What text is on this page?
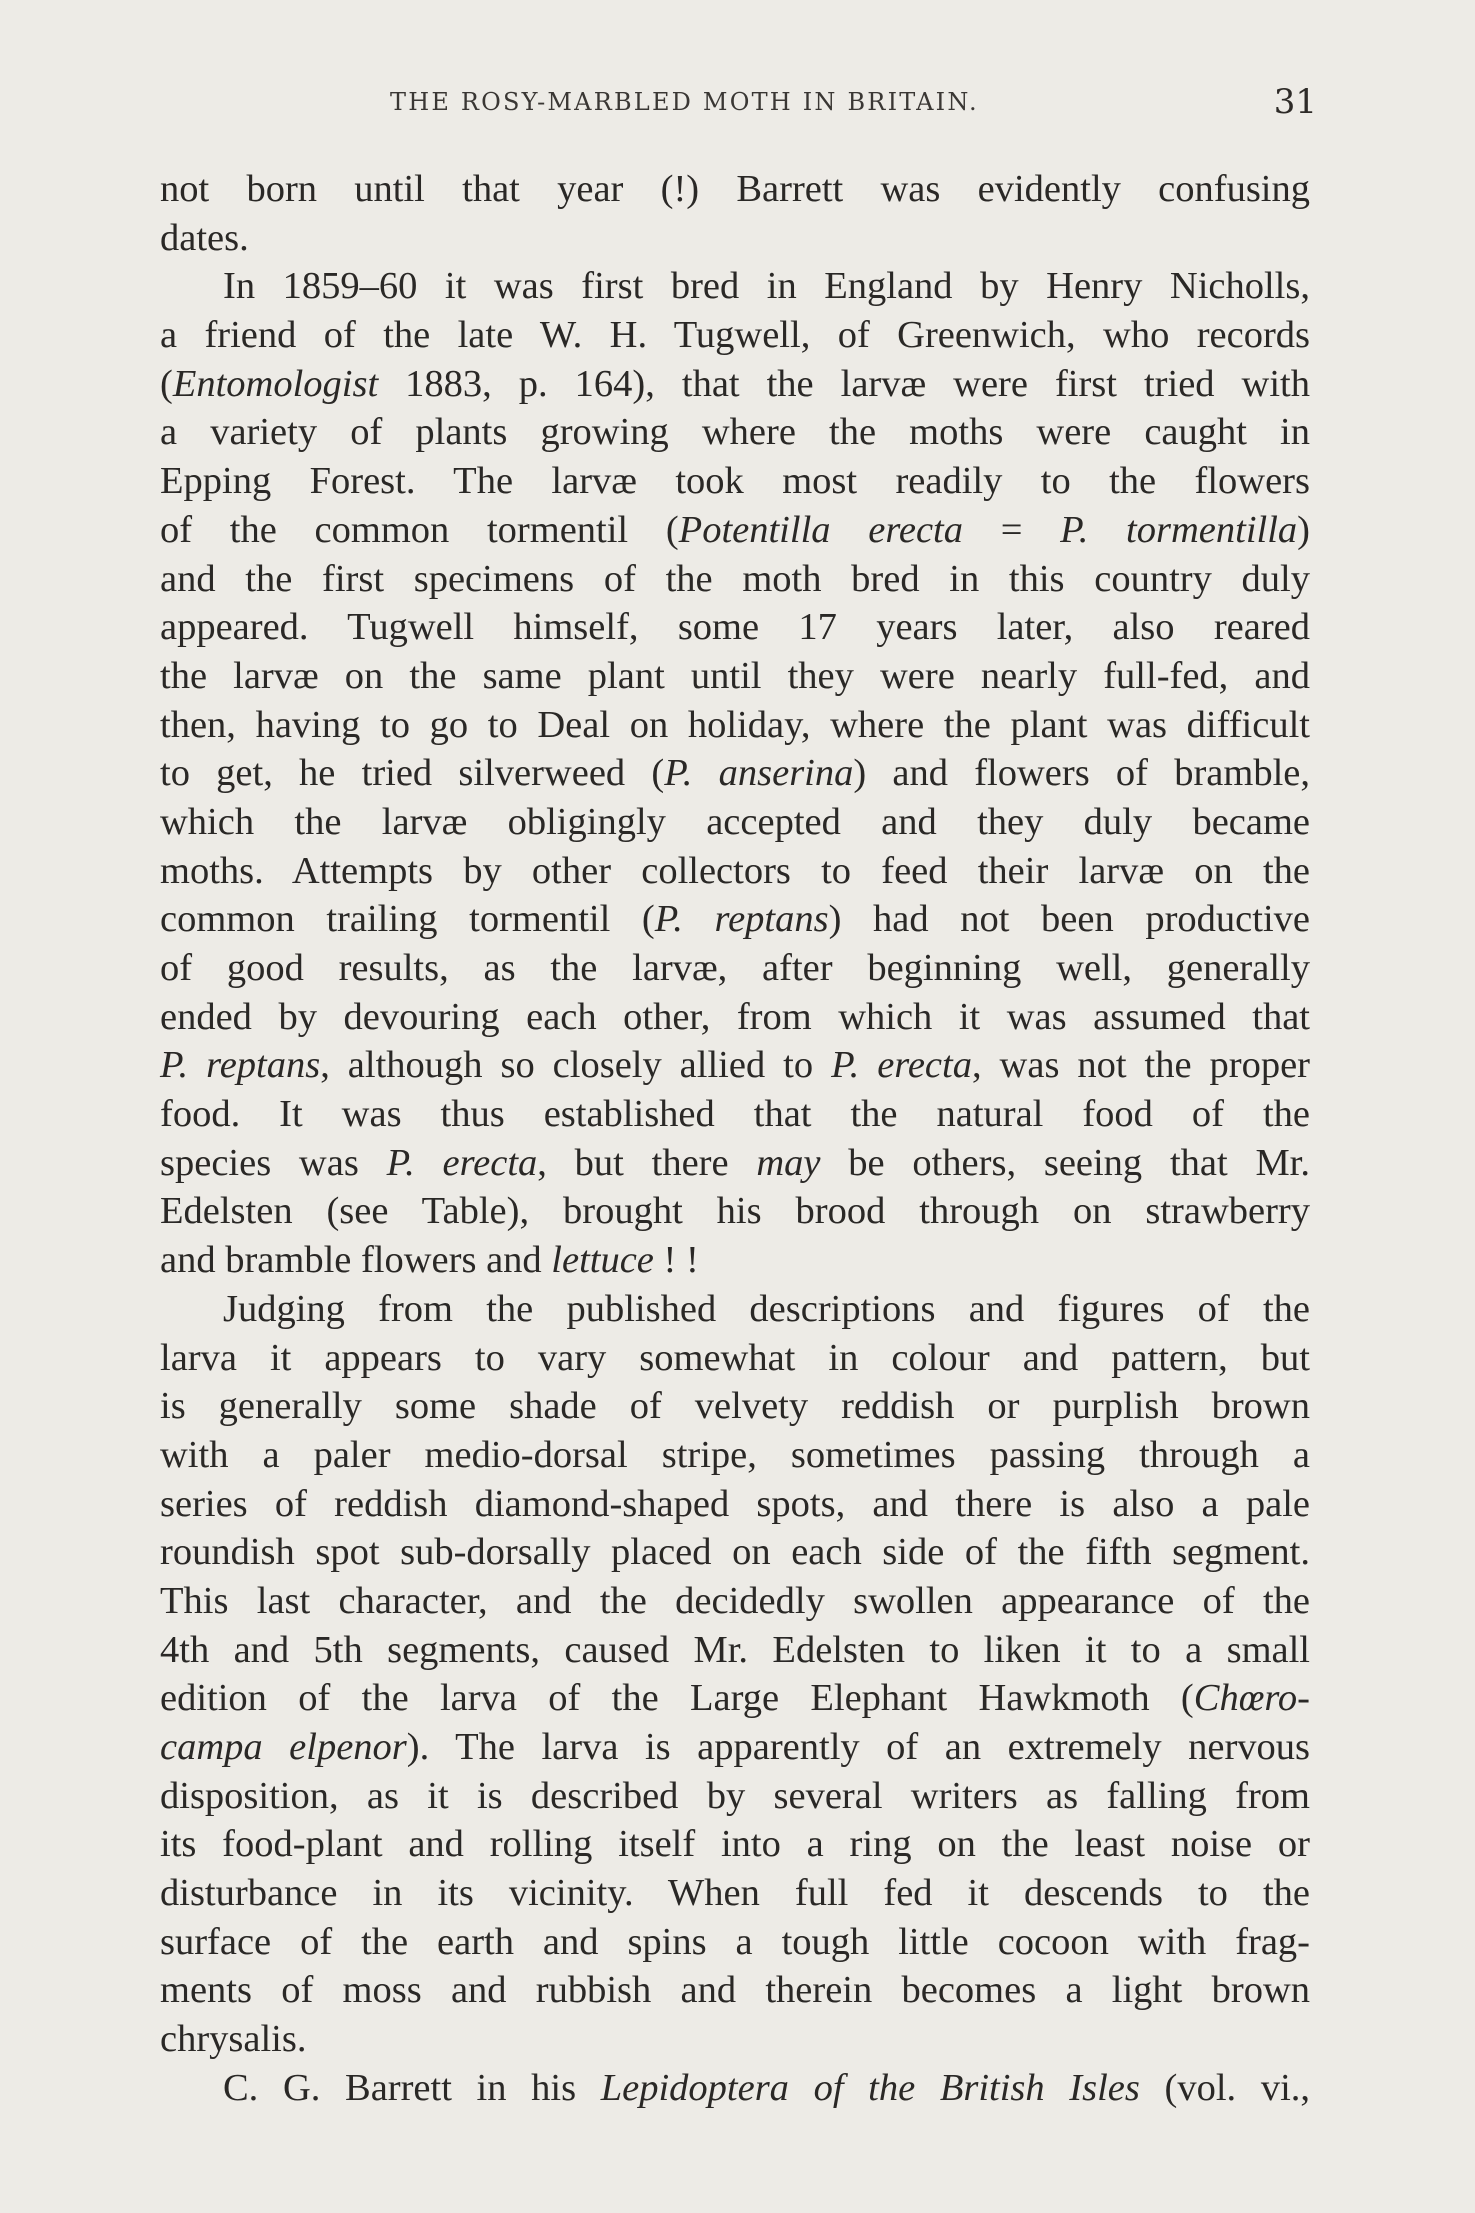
THE ROSY-MARBLED MOTH IN BRITAIN.	31
not born until that year (!) Barrett was evidently confusing
dates.
In 1859–60 it was first bred in England by Henry Nicholls,
a friend of the late W. H. Tugwell, of Greenwich, who records
(Entomologist 1883, p. 164), that the larvæ were first tried with
a variety of plants growing where the moths were caught in
Epping Forest. The larvæ took most readily to the flowers
of the common tormentil (Potentilla erecta = P. tormentilla)
and the first specimens of the moth bred in this country duly
appeared. Tugwell himself, some 17 years later, also reared
the larvæ on the same plant until they were nearly full-fed, and
then, having to go to Deal on holiday, where the plant was difficult
to get, he tried silverweed (P. anserina) and flowers of bramble,
which the larvæ obligingly accepted and they duly became
moths. Attempts by other collectors to feed their larvæ on the
common trailing tormentil (P. reptans) had not been productive
of good results, as the larvæ, after beginning well, generally
ended by devouring each other, from which it was assumed that
P. reptans, although so closely allied to P. erecta, was not the proper
food. It was thus established that the natural food of the
species was P. erecta, but there may be others, seeing that Mr.
Edelsten (see Table), brought his brood through on strawberry
and bramble flowers and lettuce ! !
Judging from the published descriptions and figures of the
larva it appears to vary somewhat in colour and pattern, but
is generally some shade of velvety reddish or purplish brown
with a paler medio-dorsal stripe, sometimes passing through a
series of reddish diamond-shaped spots, and there is also a pale
roundish spot sub-dorsally placed on each side of the fifth segment.
This last character, and the decidedly swollen appearance of the
4th and 5th segments, caused Mr. Edelsten to liken it to a small
edition of the larva of the Large Elephant Hawkmoth (Chœro-
campa elpenor). The larva is apparently of an extremely nervous
disposition, as it is described by several writers as falling from
its food-plant and rolling itself into a ring on the least noise or
disturbance in its vicinity. When full fed it descends to the
surface of the earth and spins a tough little cocoon with frag-
ments of moss and rubbish and therein becomes a light brown
chrysalis.
C. G. Barrett in his Lepidoptera of the British Isles (vol. vi.,
